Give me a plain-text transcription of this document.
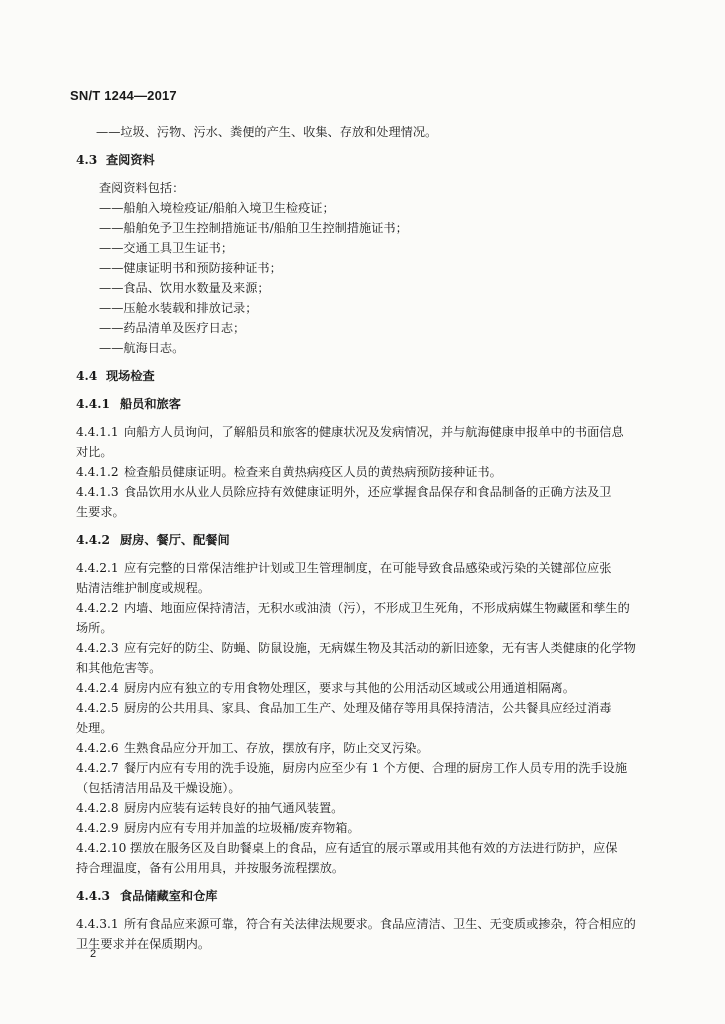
SN/T 1244—2017
——垃圾、污物、污水、粪便的产生、收集、存放和处理情况。
4.3 查阅资料
查阅资料包括：
——船舶入境检疫证/船舶入境卫生检疫证；
——船舶免予卫生控制措施证书/船舶卫生控制措施证书；
——交通工具卫生证书；
——健康证明书和预防接种证书；
——食品、饮用水数量及来源；
——压舱水装载和排放记录；
——药品清单及医疗日志；
——航海日志。
4.4 现场检查
4.4.1 船员和旅客
4.4.1.1 向船方人员询问，了解船员和旅客的健康状况及发病情况，并与航海健康申报单中的书面信息
对比。
4.4.1.2 检查船员健康证明。检查来自黄热病疫区人员的黄热病预防接种证书。
4.4.1.3 食品饮用水从业人员除应持有效健康证明外，还应掌握食品保存和食品制备的正确方法及卫
生要求。
4.4.2 厨房、餐厅、配餐间
4.4.2.1 应有完整的日常保洁维护计划或卫生管理制度，在可能导致食品感染或污染的关键部位应张
贴清洁维护制度或规程。
4.4.2.2 内墙、地面应保持清洁，无积水或油渍（污），不形成卫生死角，不形成病媒生物藏匿和孳生的
场所。
4.4.2.3 应有完好的防尘、防蝇、防鼠设施，无病媒生物及其活动的新旧迹象，无有害人类健康的化学物
和其他危害等。
4.4.2.4 厨房内应有独立的专用食物处理区，要求与其他的公用活动区域或公用通道相隔离。
4.4.2.5 厨房的公共用具、家具、食品加工生产、处理及储存等用具保持清洁，公共餐具应经过消毒
处理。
4.4.2.6 生熟食品应分开加工、存放，摆放有序，防止交叉污染。
4.4.2.7 餐厅内应有专用的洗手设施，厨房内应至少有 1 个方便、合理的厨房工作人员专用的洗手设施
（包括清洁用品及干燥设施）。
4.4.2.8 厨房内应装有运转良好的抽气通风装置。
4.4.2.9 厨房内应有专用并加盖的垃圾桶/废弃物箱。
4.4.2.10 摆放在服务区及自助餐桌上的食品，应有适宜的展示罩或用其他有效的方法进行防护，应保
持合理温度，备有公用用具，并按服务流程摆放。
4.4.3 食品储藏室和仓库
4.4.3.1 所有食品应来源可靠，符合有关法律法规要求。食品应清洁、卫生、无变质或掺杂，符合相应的
卫生要求并在保质期内。
2
